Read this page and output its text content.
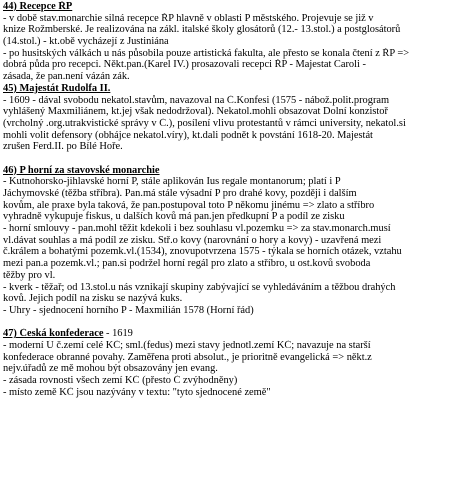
44) Recepce ŘP
- v době stav.monarchie silná recepce ŘP hlavně v oblasti P městského. Projevuje se již v
knize Rožmberské. Je realizována na zákl. italské školy glosátorů (12.- 13.stol.) a postglosátorů
(14.stol.) - kt.obě vycházejí z Justiniána
- po husitských válkách u nás působila pouze artistická fakulta, ale přesto se konala čtení z ŘP =>
dobrá půda pro recepci. Někt.pan.(Karel IV.) prosazovali recepci ŘP - Majestat Caroli -
zásada, že pan.není vázán zák.
45) Majestát Rudolfa II.
- 1609 - dával svobodu nekatol.stavům, navazoval na Č.Konfesi (1575 - nábož.polit.program
vyhlášený Maxmiliánem, kt.jej však nedodržoval). Nekatol.mohli obsazovat Dolní konzistoř
(vrcholný .org.utrakvistické správy v Č.), posílení vlivu protestantů v rámci university, nekatol.si
mohli volit defensory (obhájce nekatol.víry), kt.dali podnět k povstání 1618-20. Majestát
zrušen Ferd.II. po Bílé Hoře.
46) P horní za stavovské monarchie
- Kutnohorsko-jihlavské horní P, stále aplikován Ius regale montanorum; platí i P
Jáchymovské (těžba stříbra). Pan.má stále výsadní P pro drahé kovy, později i dalším
kovům, ale praxe byla taková, že pan.postupoval toto P někomu jinému => zlato a stříbro
vyhradně vykupuje fiskus, u dalších kovů má pan.jen předkupní P a podíl ze zisku
- horní smlouvy - pan.mohl těžit kdekoli i bez souhlasu vl.pozemku => za stav.monarch.musí
vl.dávat souhlas a má podíl ze zisku. Stř.o kovy (narovnání o hory a kovy) - uzavřená mezi
č.králem a bohatými pozemk.vl.(1534), znovupotvrzena 1575 - týkala se horních otázek, vztahu
mezi pan.a pozemk.vl.; pan.si podržel horní regál pro zlato a stříbro, u ost.kovů svoboda
těžby pro vl.
- kverk - těžař; od 13.stol.u nás vznikají skupiny zabývající se vyhledáváním a těžbou drahých
kovů. Jejich podíl na zisku se nazývá kuks.
- Úhry - sjednocení horního P - Maxmilián 1578 (Horní řád)
47) Česká konfederace - 1619
- moderní Ú č.zemí celé KČ; sml.(fedus) mezi stavy jednotl.zemí KČ; navazuje na starší
konfederace obranné povahy. Zaměřena proti absolut., je prioritně evangelická => někt.z
nejv.úřadů ze mě mohou být obsazovány jen evang.
- zásada rovnosti všech zemí KČ (přesto Č zvýhodněny)
- místo země KČ jsou nazývány v textu: "tyto sjednocené země"
